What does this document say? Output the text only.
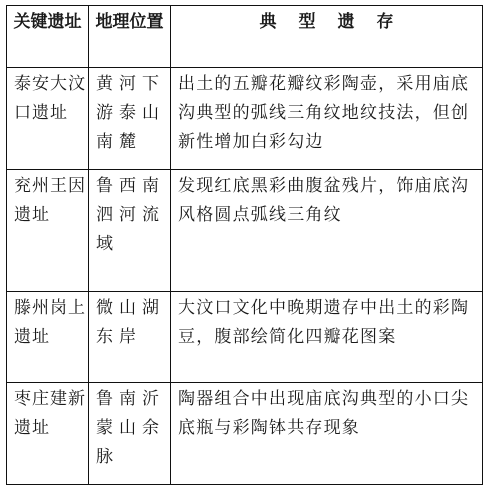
关键遗址	地理位置	典型遗存
泰安大汶口遗址	黄河下游泰山南麓	出土的五瓣花瓣纹彩陶壶，采用庙底沟典型的弧线三角纹地纹技法，但创新性增加白彩勾边
兖州王因遗址	鲁西南泗河流域	发现红底黑彩曲腹盆残片，饰庙底沟风格圆点弧线三角纹
滕州岗上遗址	微山湖东岸	大汶口文化中晚期遗存中出土的彩陶豆，腹部绘简化四瓣花图案
枣庄建新遗址	鲁南沂蒙山余脉	陶器组合中出现庙底沟典型的小口尖底瓶与彩陶钵共存现象
